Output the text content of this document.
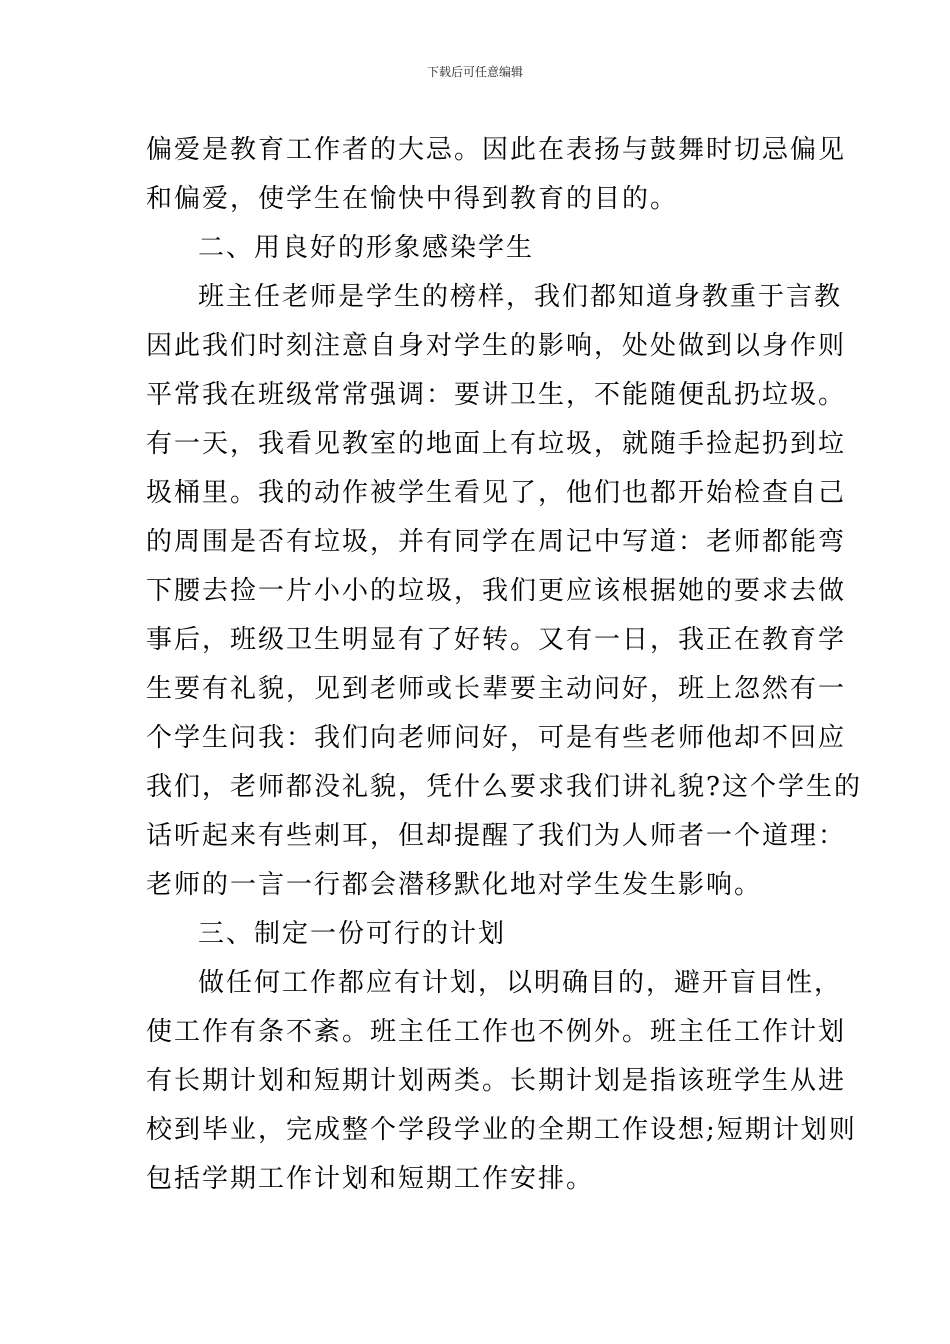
下载后可任意编辑
偏爱是教育工作者的大忌。因此在表扬与鼓舞时切忌偏见
和偏爱，使学生在愉快中得到教育的目的。
二、用良好的形象感染学生
班主任老师是学生的榜样，我们都知道身教重于言教
因此我们时刻注意自身对学生的影响，处处做到以身作则
平常我在班级常常强调：要讲卫生，不能随便乱扔垃圾。
有一天，我看见教室的地面上有垃圾，就随手捡起扔到垃
圾桶里。我的动作被学生看见了，他们也都开始检查自己
的周围是否有垃圾，并有同学在周记中写道：老师都能弯
下腰去捡一片小小的垃圾，我们更应该根据她的要求去做
事后，班级卫生明显有了好转。又有一日，我正在教育学
生要有礼貌，见到老师或长辈要主动问好，班上忽然有一
个学生问我：我们向老师问好，可是有些老师他却不回应
我们，老师都没礼貌，凭什么要求我们讲礼貌?这个学生的
话听起来有些刺耳，但却提醒了我们为人师者一个道理：
老师的一言一行都会潜移默化地对学生发生影响。
三、制定一份可行的计划
做任何工作都应有计划，以明确目的，避开盲目性，
使工作有条不紊。班主任工作也不例外。班主任工作计划
有长期计划和短期计划两类。长期计划是指该班学生从进
校到毕业，完成整个学段学业的全期工作设想;短期计划则
包括学期工作计划和短期工作安排。
